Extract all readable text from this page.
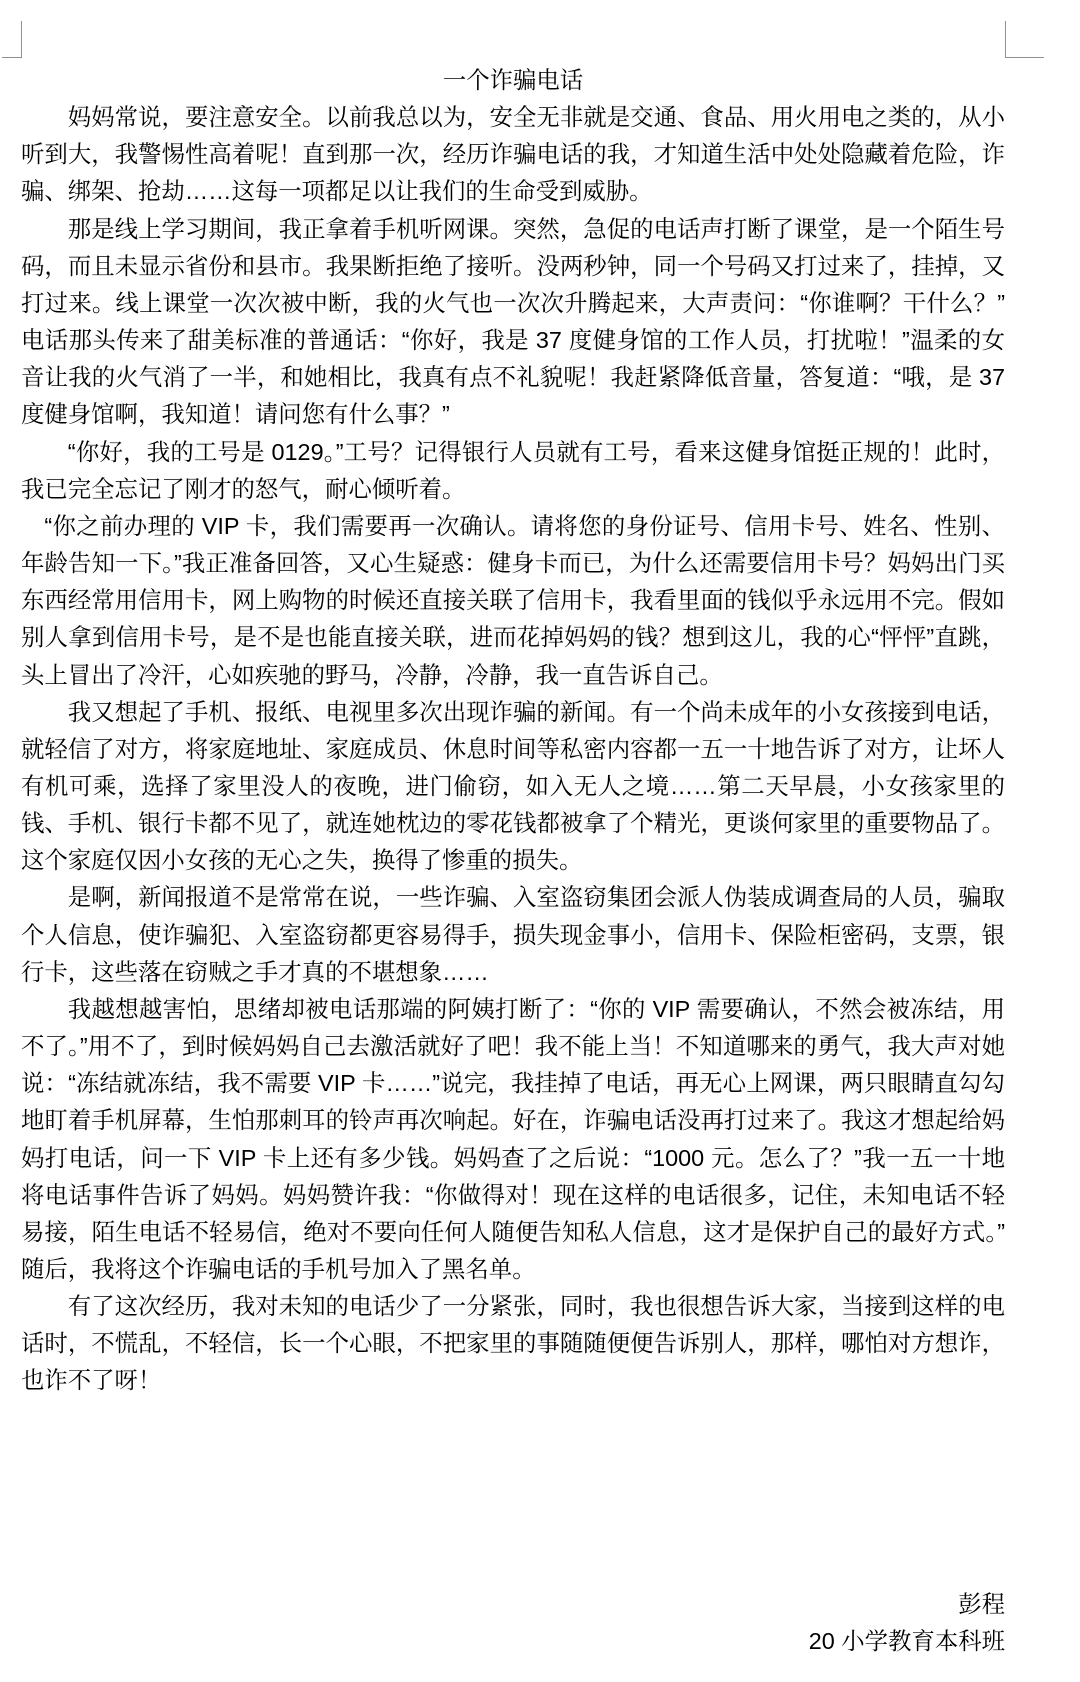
一个诈骗电话

妈妈常说，要注意安全。以前我总以为，安全无非就是交通、食品、用火用电之类的，从小听到大，我警惕性高着呢！直到那一次，经历诈骗电话的我，才知道生活中处处隐藏着危险，诈骗、绑架、抢劫……这每一项都足以让我们的生命受到威胁。

那是线上学习期间，我正拿着手机听网课。突然，急促的电话声打断了课堂，是一个陌生号码，而且未显示省份和县市。我果断拒绝了接听。没两秒钟，同一个号码又打过来了，挂掉，又打过来。线上课堂一次次被中断，我的火气也一次次升腾起来，大声责问：“你谁啊？干什么？”电话那头传来了甜美标准的普通话：“你好，我是 37 度健身馆的工作人员，打扰啦！”温柔的女音让我的火气消了一半，和她相比，我真有点不礼貌呢！我赶紧降低音量，答复道：“哦，是 37 度健身馆啊，我知道！请问您有什么事？”

“你好，我的工号是 0129。”工号？记得银行人员就有工号，看来这健身馆挺正规的！此时，我已完全忘记了刚才的怒气，耐心倾听着。

“你之前办理的 VIP 卡，我们需要再一次确认。请将您的身份证号、信用卡号、姓名、性别、年龄告知一下。”我正准备回答，又心生疑惑：健身卡而已，为什么还需要信用卡号？妈妈出门买东西经常用信用卡，网上购物的时候还直接关联了信用卡，我看里面的钱似乎永远用不完。假如别人拿到信用卡号，是不是也能直接关联，进而花掉妈妈的钱？想到这儿，我的心“怦怦”直跳，头上冒出了冷汗，心如疾驰的野马，冷静，冷静，我一直告诉自己。

我又想起了手机、报纸、电视里多次出现诈骗的新闻。有一个尚未成年的小女孩接到电话，就轻信了对方，将家庭地址、家庭成员、休息时间等私密内容都一五一十地告诉了对方，让坏人有机可乘，选择了家里没人的夜晚，进门偷窃，如入无人之境……第二天早晨，小女孩家里的钱、手机、银行卡都不见了，就连她枕边的零花钱都被拿了个精光，更谈何家里的重要物品了。这个家庭仅因小女孩的无心之失，换得了惨重的损失。

是啊，新闻报道不是常常在说，一些诈骗、入室盗窃集团会派人伪装成调查局的人员，骗取个人信息，使诈骗犯、入室盗窃都更容易得手，损失现金事小，信用卡、保险柜密码，支票，银行卡，这些落在窃贼之手才真的不堪想象……

我越想越害怕，思绪却被电话那端的阿姨打断了：“你的 VIP 需要确认，不然会被冻结，用不了。”用不了，到时候妈妈自己去激活就好了吧！我不能上当！不知道哪来的勇气，我大声对她说：“冻结就冻结，我不需要 VIP 卡……”说完，我挂掉了电话，再无心上网课，两只眼睛直勾勾地盯着手机屏幕，生怕那刺耳的铃声再次响起。好在，诈骗电话没再打过来了。我这才想起给妈妈打电话，问一下 VIP 卡上还有多少钱。妈妈查了之后说：“1000 元。怎么了？”我一五一十地将电话事件告诉了妈妈。妈妈赞许我：“你做得对！现在这样的电话很多，记住，未知电话不轻易接，陌生电话不轻易信，绝对不要向任何人随便告知私人信息，这才是保护自己的最好方式。”随后，我将这个诈骗电话的手机号加入了黑名单。

有了这次经历，我对未知的电话少了一分紧张，同时，我也很想告诉大家，当接到这样的电话时，不慌乱，不轻信，长一个心眼，不把家里的事随随便便告诉别人，那样，哪怕对方想诈，也诈不了呀！

彭程

20 小学教育本科班
